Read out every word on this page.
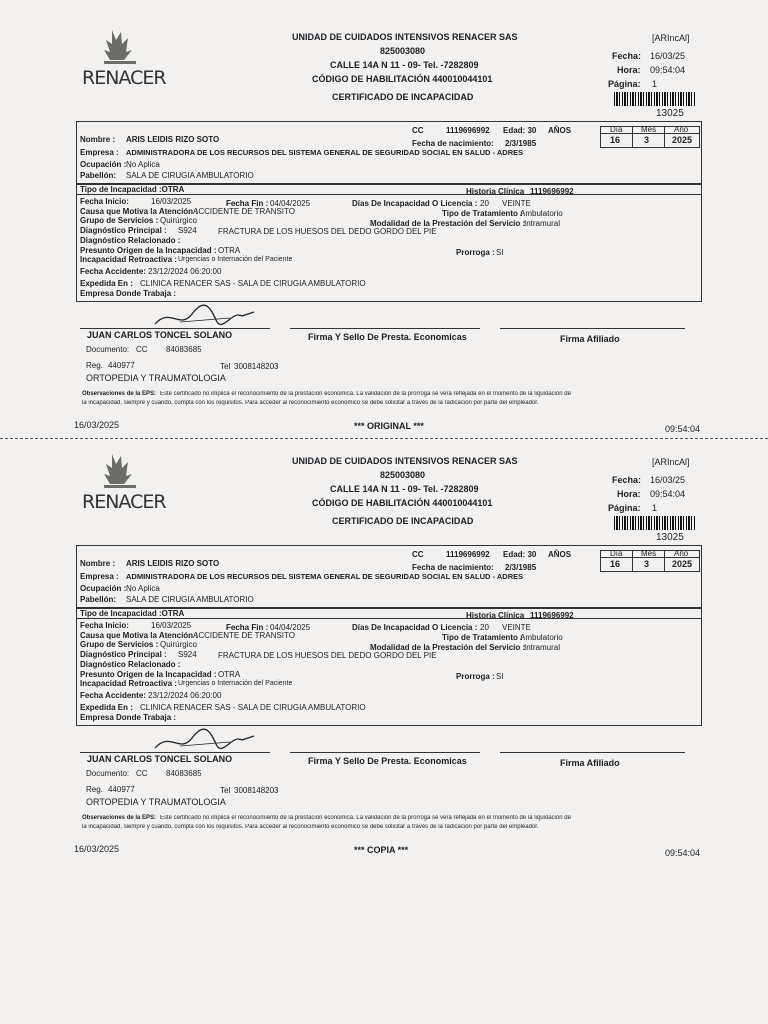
RENACER
UNIDAD DE CUIDADOS INTENSIVOS RENACER SAS
825003080
CALLE 14A N 11 - 09- Tel. -7282809
CÓDIGO DE HABILITACIÓN 440010044101
CERTIFICADO DE INCAPACIDAD
[ARIncAl]
Fecha: 16/03/25
Hora: 09:54:04
Página: 1
13025
Nombre : ARIS LEIDIS RIZO SOTO
CC	1119696992 Edad: 30 AÑOS
Empresa : ADMINISTRADORA DE LOS RECURSOS DEL SISTEMA GENERAL DE SEGURIDAD SOCIAL EN SALUD - ADRES
Fecha de nacimiento: 2/3/1985
Ocupación : No Aplica
Pabellón: SALA DE CIRUGIA AMBULATORIO
Día Mes Año
16	3	2025
Tipo de Incapacidad :OTRA	Historia Clínica 1119696992
Fecha Inicio:	16/03/2025	Fecha Fin : 04/04/2025	Días De Incapacidad O Licencia : 20 VEINTE
Causa que Motiva la Atención :
ACCIDENTE DE TRANSITO	Tipo de Tratamiento :
Ambulatorio
Grupo de Servicios : Quirúrgico	Modalidad de la Prestación del Servicio :
Intramural
Diagnóstico Principal : S924	FRACTURA DE LOS HUESOS DEL DEDO GORDO DEL PIE
Diagnóstico Relacionado :
Presunto Origen de la Incapacidad : OTRA	Prorroga : SI
Incapacidad Retroactiva : Urgencias o Internación del Paciente
Fecha Accidente: 23/12/2024 06:20:00
Expedida En : CLINICA RENACER SAS - SALA DE CIRUGIA AMBULATORIO
Empresa Donde Trabaja :
JUAN CARLOS TONCEL SOLANO	Firma Y Sello De Presta. Economicas	Firma Afiliado
Documento: CC 84083685
Reg. 440977	Tel 3008148203
ORTOPEDIA Y TRAUMATOLOGIA
Observaciones de la EPS: Este certificado no implica el reconocimiento de la prestación económica. La validación de la prórroga se vera reflejada en el momento de la liquidación de
la incapacidad, siempre y cuando, cumpla con los requisitos. Para acceder al reconocimiento económico se debe solicitar a través de la radicación por parte del empleador.
16/03/2025	*** ORIGINAL ***	09:54:04
RENACER
UNIDAD DE CUIDADOS INTENSIVOS RENACER SAS
825003080
CALLE 14A N 11 - 09- Tel. -7282809
CÓDIGO DE HABILITACIÓN 440010044101
CERTIFICADO DE INCAPACIDAD
[ARIncAl]
Fecha: 16/03/25
Hora: 09:54:04
Página: 1
13025
Nombre : ARIS LEIDIS RIZO SOTO
CC	1119696992 Edad: 30 AÑOS
Empresa : ADMINISTRADORA DE LOS RECURSOS DEL SISTEMA GENERAL DE SEGURIDAD SOCIAL EN SALUD - ADRES
Fecha de nacimiento: 2/3/1985
Ocupación : No Aplica
Pabellón: SALA DE CIRUGIA AMBULATORIO
Día Mes Año
16	3	2025
Tipo de Incapacidad :OTRA	Historia Clínica 1119696992
Fecha Inicio:	16/03/2025	Fecha Fin : 04/04/2025	Días De Incapacidad O Licencia : 20 VEINTE
Causa que Motiva la Atención :
ACCIDENTE DE TRANSITO	Tipo de Tratamiento :
Ambulatorio
Grupo de Servicios : Quirúrgico	Modalidad de la Prestación del Servicio :
Intramural
Diagnóstico Principal : S924	FRACTURA DE LOS HUESOS DEL DEDO GORDO DEL PIE
Diagnóstico Relacionado :
Presunto Origen de la Incapacidad : OTRA	Prorroga : SI
Incapacidad Retroactiva : Urgencias o Internación del Paciente
Fecha Accidente: 23/12/2024 06:20:00
Expedida En : CLINICA RENACER SAS - SALA DE CIRUGIA AMBULATORIO
Empresa Donde Trabaja :
JUAN CARLOS TONCEL SOLANO	Firma Y Sello De Presta. Economicas	Firma Afiliado
Documento: CC 84083685
Reg. 440977	Tel 3008148203
ORTOPEDIA Y TRAUMATOLOGIA
Observaciones de la EPS: Este certificado no implica el reconocimiento de la prestación económica. La validación de la prórroga se vera reflejada en el momento de la liquidación de
la incapacidad, siempre y cuando, cumpla con los requisitos. Para acceder al reconocimiento económico se debe solicitar a través de la radicación por parte del empleador.
16/03/2025	*** COPIA ***	09:54:04
